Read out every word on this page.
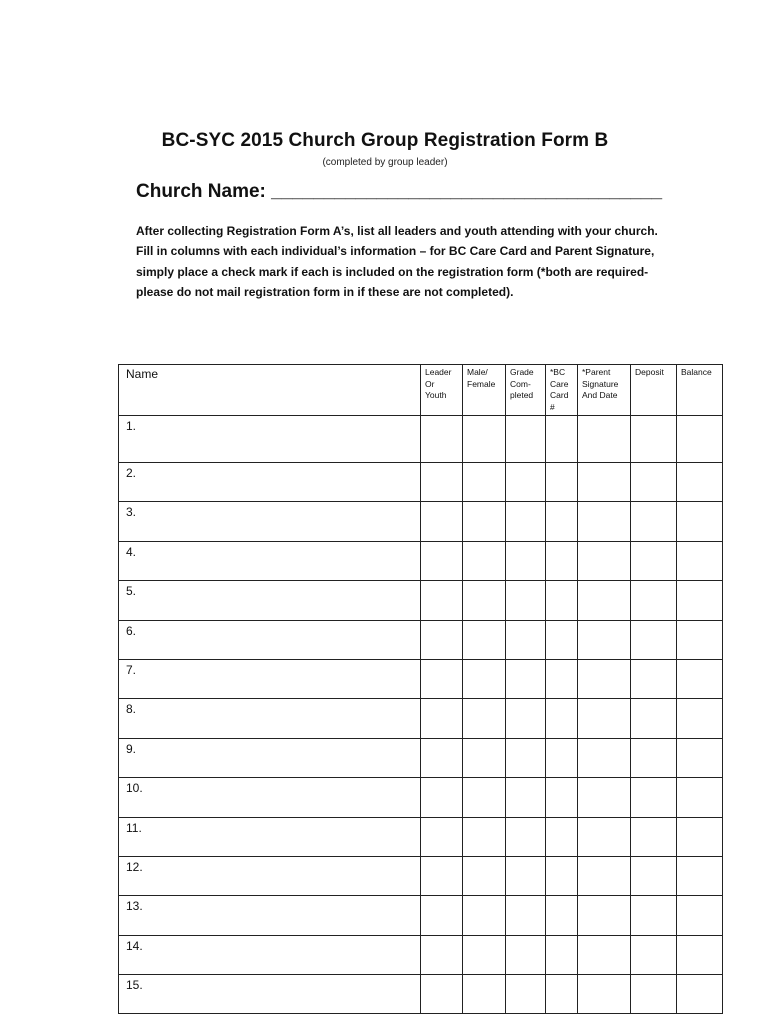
BC-SYC 2015 Church Group Registration Form B
(completed by group leader)
Church Name: _____________________________________
After collecting Registration Form A’s, list all leaders and youth attending with your church. Fill in columns with each individual’s information – for BC Care Card and Parent Signature, simply place a check mark if each is included on the registration form (*both are required-please do not mail registration form in if these are not completed).
Name	Leader Or Youth	Male/ Female	Grade Com- pleted	*BC Care Card #	*Parent Signature And Date	Deposit	Balance
1.							
2.							
3.							
4.							
5.							
6.							
7.							
8.							
9.							
10.							
11.							
12.							
13.							
14.							
15.							
